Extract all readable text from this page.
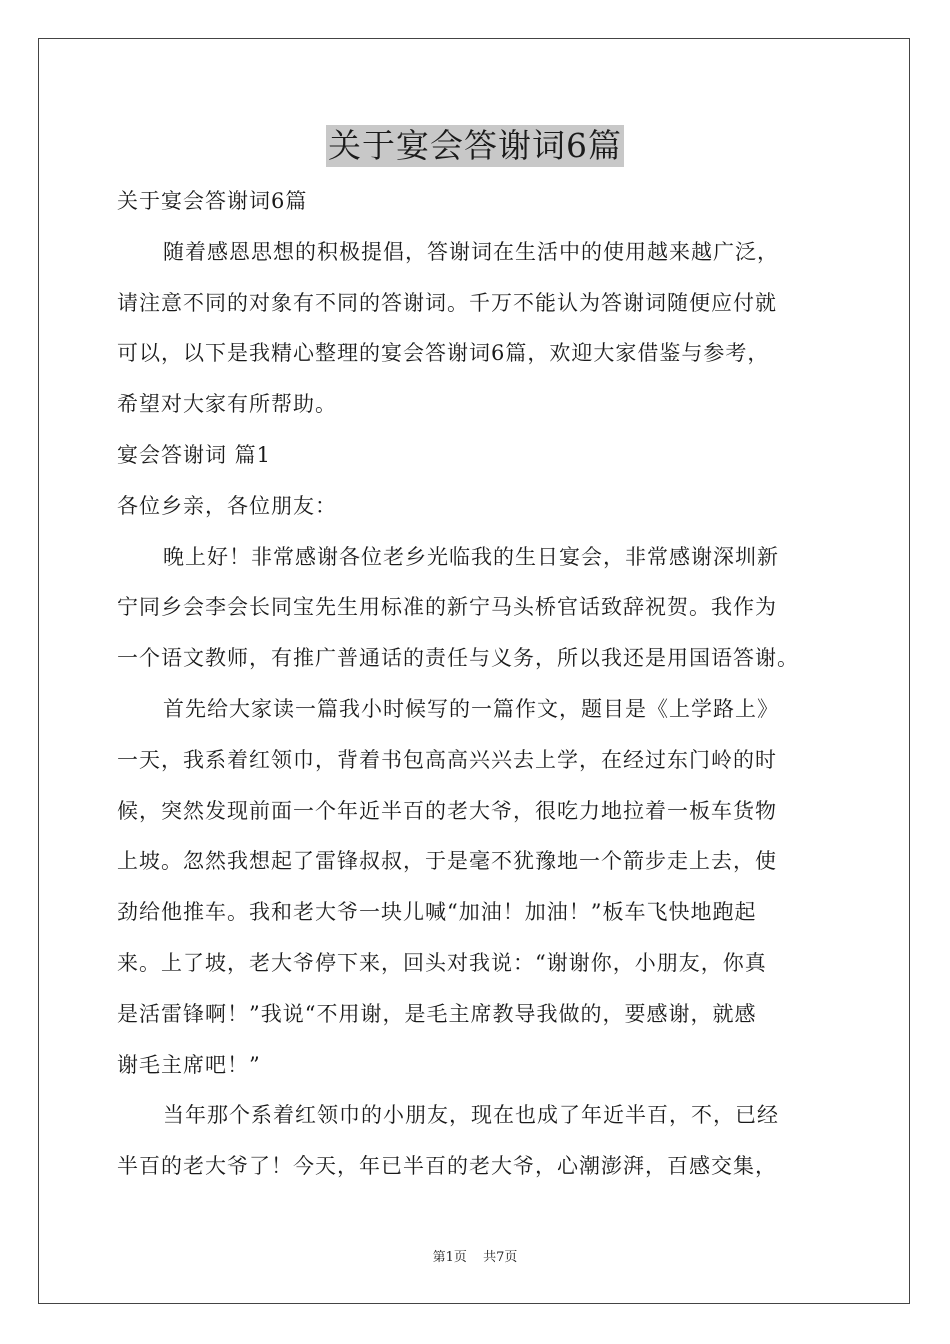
关于宴会答谢词6篇
关于宴会答谢词6篇
随着感恩思想的积极提倡，答谢词在生活中的使用越来越广泛，
请注意不同的对象有不同的答谢词。千万不能认为答谢词随便应付就
可以，以下是我精心整理的宴会答谢词6篇，欢迎大家借鉴与参考，
希望对大家有所帮助。
宴会答谢词 篇1
各位乡亲，各位朋友：
晚上好！非常感谢各位老乡光临我的生日宴会，非常感谢深圳新
宁同乡会李会长同宝先生用标准的新宁马头桥官话致辞祝贺。我作为
一个语文教师，有推广普通话的责任与义务，所以我还是用国语答谢。
首先给大家读一篇我小时候写的一篇作文，题目是《上学路上》
一天，我系着红领巾，背着书包高高兴兴去上学，在经过东门岭的时
候，突然发现前面一个年近半百的老大爷，很吃力地拉着一板车货物
上坡。忽然我想起了雷锋叔叔，于是毫不犹豫地一个箭步走上去，使
劲给他推车。我和老大爷一块儿喊“加油！加油！”板车飞快地跑起
来。上了坡，老大爷停下来，回头对我说：“谢谢你，小朋友，你真
是活雷锋啊！”我说“不用谢，是毛主席教导我做的，要感谢，就感
谢毛主席吧！”
当年那个系着红领巾的小朋友，现在也成了年近半百，不，已经
半百的老大爷了！今天，年已半百的老大爷，心潮澎湃，百感交集，
第1页 共7页
